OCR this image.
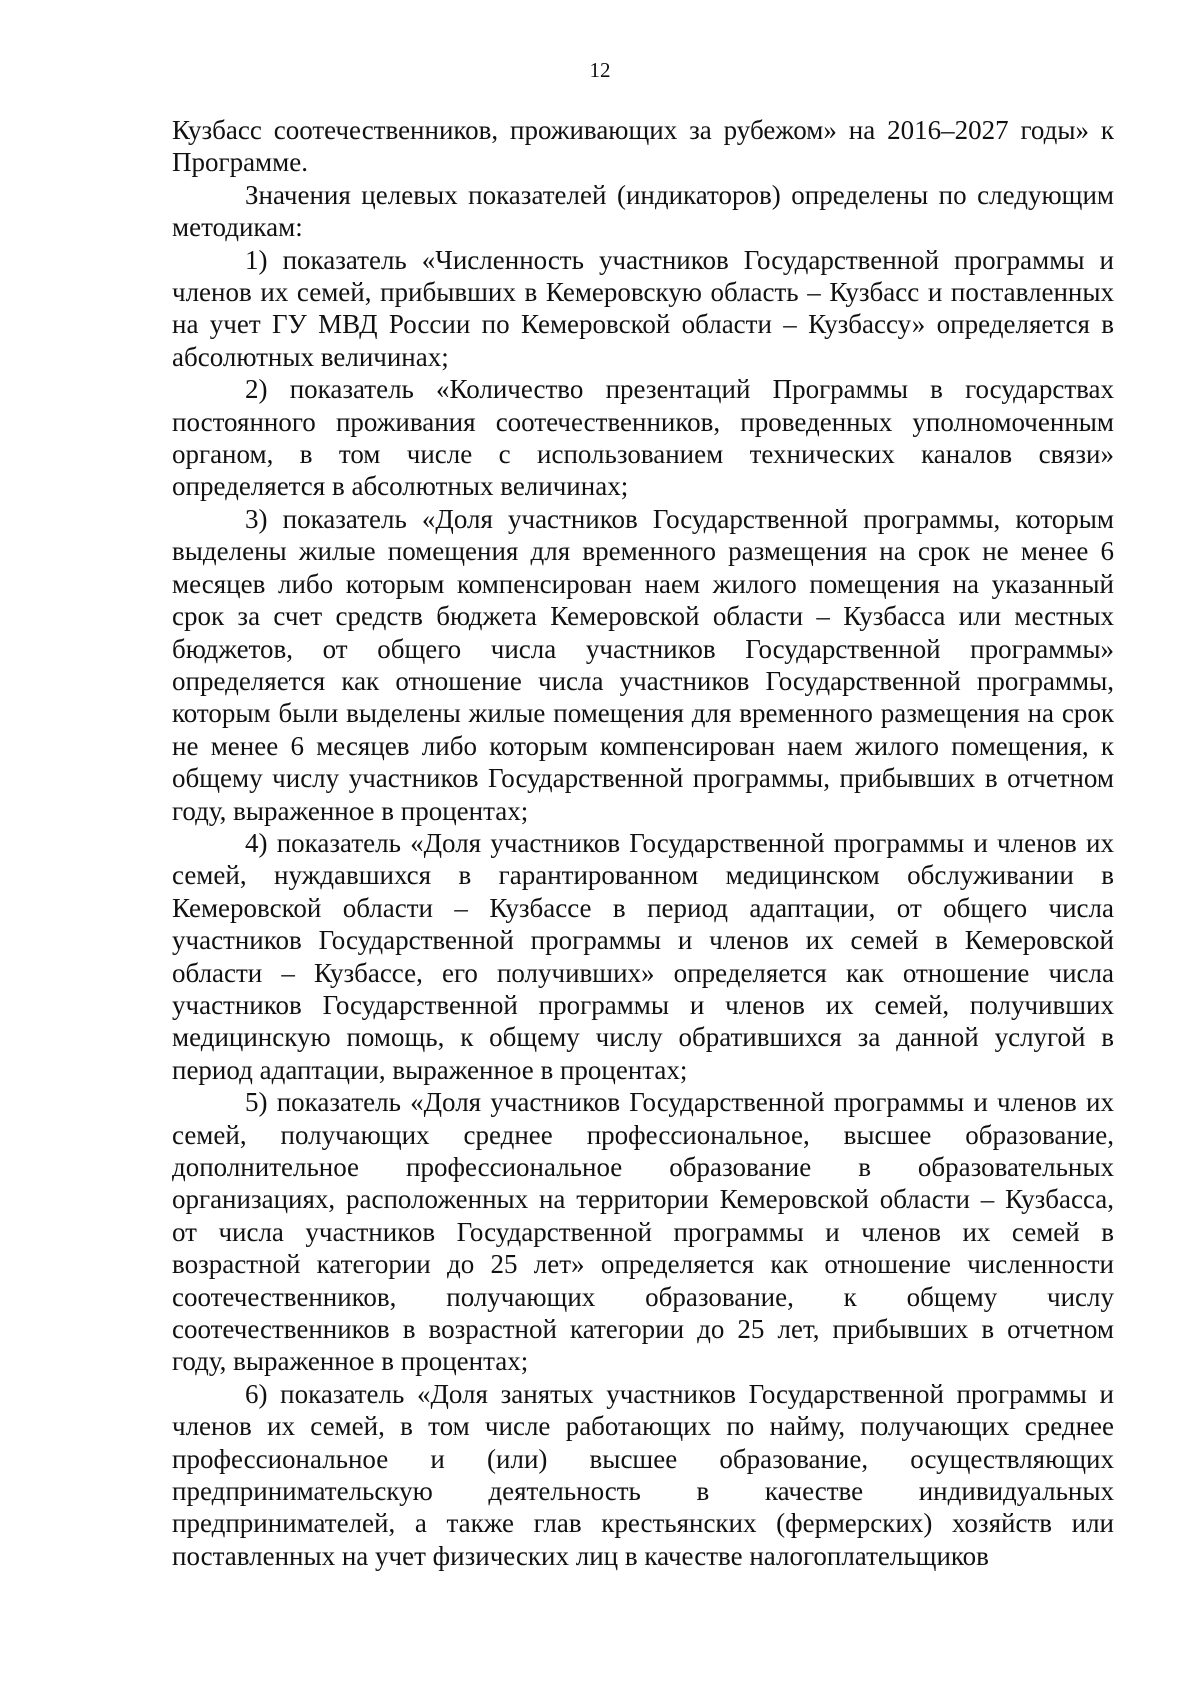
12

Кузбасс соотечественников, проживающих за рубежом» на 2016–2027 годы» к Программе.

Значения целевых показателей (индикаторов) определены по следующим методикам:

1) показатель «Численность участников Государственной программы и членов их семей, прибывших в Кемеровскую область – Кузбасс и поставленных на учет ГУ МВД России по Кемеровской области – Кузбассу» определяется в абсолютных величинах;

2) показатель «Количество презентаций Программы в государствах постоянного проживания соотечественников, проведенных уполномоченным органом, в том числе с использованием технических каналов связи» определяется в абсолютных величинах;

3) показатель «Доля участников Государственной программы, которым выделены жилые помещения для временного размещения на срок не менее 6 месяцев либо которым компенсирован наем жилого помещения на указанный срок за счет средств бюджета Кемеровской области – Кузбасса или местных бюджетов, от общего числа участников Государственной программы» определяется как отношение числа участников Государственной программы, которым были выделены жилые помещения для временного размещения на срок не менее 6 месяцев либо которым компенсирован наем жилого помещения, к общему числу участников Государственной программы, прибывших в отчетном году, выраженное в процентах;

4) показатель «Доля участников Государственной программы и членов их семей, нуждавшихся в гарантированном медицинском обслуживании в Кемеровской области – Кузбассе в период адаптации, от общего числа участников Государственной программы и членов их семей в Кемеровской области – Кузбассе, его получивших» определяется как отношение числа участников Государственной программы и членов их семей, получивших медицинскую помощь, к общему числу обратившихся за данной услугой в период адаптации, выраженное в процентах;

5) показатель «Доля участников Государственной программы и членов их семей, получающих среднее профессиональное, высшее образование, дополнительное профессиональное образование в образовательных организациях, расположенных на территории Кемеровской области – Кузбасса, от числа участников Государственной программы и членов их семей в возрастной категории до 25 лет» определяется как отношение численности соотечественников, получающих образование, к общему числу соотечественников в возрастной категории до 25 лет, прибывших в отчетном году, выраженное в процентах;

6) показатель «Доля занятых участников Государственной программы и членов их семей, в том числе работающих по найму, получающих среднее профессиональное и (или) высшее образование, осуществляющих предпринимательскую деятельность в качестве индивидуальных предпринимателей, а также глав крестьянских (фермерских) хозяйств или поставленных на учет физических лиц в качестве налогоплательщиков
